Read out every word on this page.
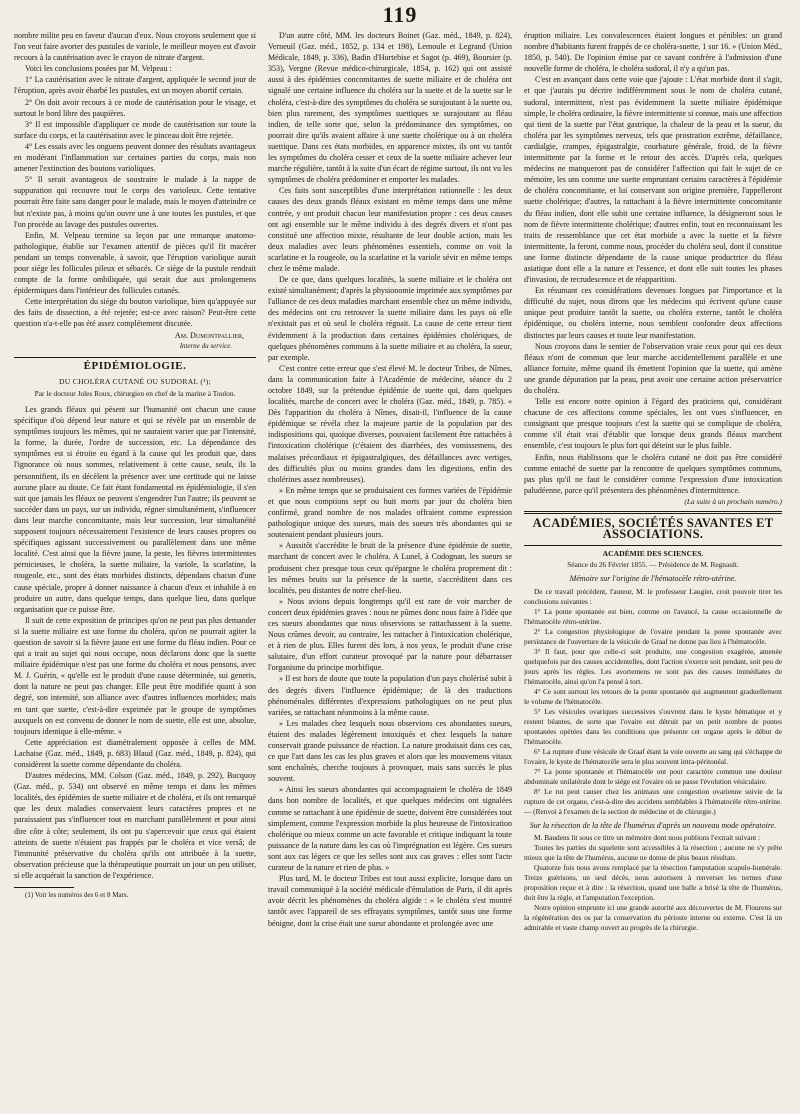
119

nombre milite peu en faveur d'aucun d'eux. Nous croyons seulement que si l'on veut faire avorter des pustules de variole, le meilleur moyen est d'avoir recours à la cautérisation avec le crayon de nitrate d'argent.

Voici les conclusions posées par M. Velpeau :

1° La cautérisation avec le nitrate d'argent, appliquée le second jour de l'éruption, après avoir ébarbé les pustules, est un moyen abortif certain.

2° On doit avoir recours à ce mode de cautérisation pour le visage, et surtout le bord libre des paupières.

3° Il est impossible d'appliquer ce mode de cautérisation sur toute la surface du corps, et la cautérisation avec le pinceau doit être rejetée.

4° Les essais avec les onguens peuvent donner des résultats avantageux en modérant l'inflammation sur certaines parties du corps, mais non amener l'extinction des boutons varioliques.

5° Il serait avantageux de soustraire le malade à la nappe de suppuration qui recouvre tout le corps des varioleux. Cette tentative pourrait être faite sans danger pour le malade, mais le moyen d'atteindre ce but n'existe pas, à moins qu'on ouvre une à une toutes les pustules, et que l'on procède au lavage des pustules ouvertes.

Enfin, M. Velpeau termine sa leçon par une remarque anatomo-pathologique, établie sur l'examen attentif de pièces qu'il fit macérer pendant un temps convenable, à savoir, que l'éruption variolique aurait pour siége les follicules pileux et sébacés. Ce siége de la pustule rendrait compte de la forme ombiliquée, qui serait due aux prolongemens épidermiques dans l'intérieur des follicules cutanés.

Cette interprétation du siége du bouton variolique, bien qu'appuyée sur des faits de dissection, a été rejetée; est-ce avec raison? Peut-être cette question n'a-t-elle pas été assez complétement discutée.

Am. Dumontpallier,

Interne du service.

ÉPIDÉMIOLOGIE.
DU CHOLÉRA CUTANÉ OU SUDORAL (¹);
Par le docteur Jules Roux, chirurgien en chef de la marine à Toulon.

Les grands fléaux qui pèsent sur l'humanité ont chacun une cause spécifique d'où dépend leur nature et qui se révèle par un ensemble de symptômes toujours les mêmes, qui ne sauraient varier que par l'intensité, la forme, la durée, l'ordre de succession, etc. La dépendance des symptômes est si étroite eu égard à la cause qui les produit que, dans l'ignorance où nous sommes, relativement à cette cause, seuls, ils la personnifient, ils en décèlent la présence avec une certitude qui ne laisse aucune place au doute. Ce fait étant fondamental en épidémiologie, il s'en suit que jamais les fléaux ne peuvent s'engendrer l'un l'autre; ils peuvent se succéder dans un pays, sur un individu, régner simultanément, s'influencer dans leur marche concomitante, mais leur succession, leur simultanéité supposent toujours nécessairement l'existence de leurs causes propres ou spécifiques agissant successivement ou parallèlement dans une même localité. C'est ainsi que la fièvre jaune, la peste, les fièvres intermittentes pernicieuses, le choléra, la suette miliaire, la variole, la scarlatine, la rougeole, etc., sont des états morbides distincts, dépendans chacun d'une cause spéciale, propre à donner naissance à chacun d'eux et inhabile à en produire un autre, dans quelque temps, dans quelque lieu, dans quelque organisation que ce puisse être.

Il suit de cette exposition de principes qu'on ne peut pas plus demander si la suette miliaire est une forme du choléra, qu'on ne pourrait agiter la question de savoir si la fièvre jaune est une forme du fléau indien. Pour ce qui a trait au sujet qui nous occupe, nous déclarons donc que la suette miliaire épidémique n'est pas une forme du choléra et nous pensons, avec M. J. Guérin, « qu'elle est le produit d'une cause déterminée, sui generis, dont la nature ne peut pas changer. Elle peut être modifiée quant à son degré, son intensité, son alliance avec d'autres influences morbides; mais en tant que suette, c'est-à-dire exprimée par le groupe de symptômes auxquels on est convenu de donner le nom de suette, elle est une, absolue, toujours identique à elle-même. »

Cette appréciation est diamétralement opposée à celles de MM. Lachaise (Gaz. méd., 1849, p. 683) Blaud (Gaz. méd., 1849, p. 824), qui considèrent la suette comme dépendante du choléra.

D'autres médecins, MM. Colson (Gaz. méd., 1849, p. 292), Bucquoy (Gaz. méd., p. 534) ont observé en même temps et dans les mêmes localités, des épidémies de suette miliaire et de choléra, et ils ont remarqué que les deux maladies conservaient leurs caractères propres et ne paraissaient pas s'influencer tout en marchant parallèlement et pour ainsi dire côte à côte; seulement, ils ont pu s'apercevoir que ceux qui étaient atteints de suette n'étaient pas frappés par le choléra et vice versâ; de l'immunité préservative du choléra qu'ils ont attribuée à la suette, observation précieuse que la thérapeutique pourrait un jour un peu utiliser, si elle acquérait la sanction de l'expérience.

(1) Voir les numéros des 6 et 8 Mars.

D'un autre côté, MM. les docteurs Boinet (Gaz. méd., 1849, p. 824), Verneuil (Gaz. méd., 1852, p. 134 et 198), Lemoule et Legrand (Union Médicale, 1849, p. 336), Badin d'Hurtebise et Sagot (p. 469), Boursier (p. 353), Vergne (Revue médico-chirurgicale, 1854, p. 162) qui ont assisté aussi à des épidémies concomitantes de suette miliaire et de choléra ont signalé une certaine influence du choléra sur la suette et de la suette sur le choléra, c'est-à-dire des symptômes du choléra se surajoutant à la suette ou, bien plus rarement, des symptômes suettiques se surajoutant au fléau indien, de telle sorte que, selon la prédominance des symptômes, on pourrait dire qu'ils avaient affaire à une suette cholérique ou à un choléra suettique. Dans ces états morbides, en apparence mixtes, ils ont vu tantôt les symptômes du choléra cesser et ceux de la suette miliaire achever leur marche régulière, tantôt à la suite d'un écart de régime surtout, ils ont vu les symptômes de choléra prédominer et emporter les malades.

Ces faits sont susceptibles d'une interprétation rationnelle : les deux causes des deux grands fléaux existant en même temps dans une même contrée, y ont produit chacun leur manifestation propre : ces deux causes ont agi ensemble sur le même individu à des degrés divers et n'ont pas constitué une affection mixte, résultante de leur double action, mais les deux maladies avec leurs phénomènes essentiels, comme on voit la scarlatine et la rougeole, ou la scarlatine et la variole sévir en même temps chez le même malade.

De ce que, dans quelques localités, la suette miliaire et le choléra ont existé simultanément; d'après la physionomie imprimée aux symptômes par l'alliance de ces deux maladies marchant ensemble chez un même individu, des médecins ont cru retrouver la suette miliaire dans les pays où elle n'existait pas et où seul le choléra régnait. La cause de cette erreur tient évidemment à la production dans certaines épidémies cholériques, de quelques phénomènes communs à la suette miliaire et au choléra, la sueur, par exemple.

C'est contre cette erreur que s'est élevé M. le docteur Tribes, de Nîmes, dans la communication faite à l'Académie de médecine, séance du 2 octobre 1849, sur la prétendue épidémie de suette qui, dans quelques localités, marche de concert avec le choléra (Gaz. méd., 1849, p. 785). « Dès l'apparition du choléra à Nîmes, disait-il, l'influence de la cause épidémique se révéla chez la majeure partie de la population par des indispositions qui, quoique diverses, pouvaient facilement être rattachées à l'intoxication cholérique (c'étaient des diarrhées, des vomissemens, des malaises précordiaux et épigastralgiques, des défaillances avec vertiges, des difficultés plus ou moins grandes dans les digestions, enfin des cholérines assez nombreuses).

» En même temps que se produisaient ces formes variées de l'épidémie et que nous comptions sept ou huit morts par jour du choléra bien confirmé, grand nombre de nos malades offraient comme expression pathologique unique des sueurs, mais des sueurs très abondantes qui se soutenaient pendant plusieurs jours.

» Aussitôt s'accrédite le bruit de la présence d'une épidémie de suette, marchant de concert avec le choléra. A Lunel, à Codognan, les sueurs se produisent chez presque tous ceux qu'épargne le choléra proprement dit : les mêmes bruits sur la présence de la suette, s'accréditent dans ces localités, peu distantes de notre chef-lieu.

» Nous avions depuis longtemps qu'il est rare de voir marcher de concert deux épidémies graves : nous ne pûmes donc nous faire à l'idée que ces sueurs abondantes que nous observions se rattachassent à la suette. Nous crûmes devoir, au contraire, les rattacher à l'intoxication cholérique, et à rien de plus. Elles furent dès lors, à nos yeux, le produit d'une crise salutaire, d'un effort curateur provoqué par la nature pour débarrasser l'organisme du principe morbifique.

» Il est hors de doute que toute la population d'un pays cholérisé subit à des degrés divers l'influence épidémique; de là des traductions phénoménales différentes d'expressions pathologiques on ne peut plus variées, se rattachant néanmoins à la même cause.

» Les malades chez lesquels nous observions ces abondantes sueurs, étaient des malades légèrement intoxiqués et chez lesquels la nature conservait grande puissance de réaction. La nature produisait dans ces cas, ce que l'art dans les cas les plus graves et alors que les mouvemens vitaux sont enchaînés, cherche toujours à provoquer, mais sans succès le plus souvent.

» Ainsi les sueurs abondantes qui accompagnaient le choléra de 1849 dans bon nombre de localités, et que quelques médecins ont signalées comme se rattachant à une épidémie de suette, doivent être considérées tout simplement, comme l'expression morbide la plus heureuse de l'intoxication cholérique ou mieux comme un acte favorable et critique indiquant la toute puissance de la nature dans les cas où l'imprégnation est légère. Ces sueurs sont aux cas légers ce que les selles sont aux cas graves : elles sont l'acte curateur de la nature et rien de plus. »

Plus tard, M. le docteur Tribes est tout aussi explicite, lorsque dans un travail communiqué à la société médicale d'émulation de Paris, il dit après avoir décrit les phénomènes du choléra algide : « le choléra s'est montré tantôt avec l'appareil de ses effrayans symptômes, tantôt sous une forme bénigne, dont la crise était une sueur abondante et prolongée avec une

éruption miliaire. Les convalescences étaient longues et pénibles: un grand nombre d'habitants furent frappés de ce choléra-suette, 1 sur 16. » (Union Méd., 1850, p. 540). De l'opinion émise par ce savant confrère à l'admission d'une nouvelle forme de choléra, le choléra sudoral, il n'y a qu'un pas.

C'est en avançant dans cette voie que j'ajoute : L'état morbide dont il s'agit, et que j'aurais pu décrire indifféremment sous le nom de choléra cutané, sudoral, intermittent, n'est pas évidemment la suette miliaire épidémique simple, le choléra ordinaire, la fièvre intermittente si connue, mais une affection qui tient de la suette par l'état gastrique, la chaleur de la peau et la sueur, du choléra par les symptômes nerveux, tels que prostration extrême, défaillance, cardialgie, crampes, épigastralgie, courbature générale, froid, de la fièvre intermittente par la forme et le retour des accès. D'après cela, quelques médecins ne manqueront pas de considérer l'affection qui fait le sujet de ce mémoire, les uns comme une suette empruntant certains caractères à l'épidémie de choléra concomitante, et lui conservant son origine première, l'appelleront suette cholérique; d'autres, la rattachant à la fièvre intermittente concomitante du fléau indien, dont elle subit une certaine influence, la désigneront sous le nom de fièvre intermittente cholérique; d'autres enfin, tout en reconnaissant les traits de ressemblance que cet état morbide a avec la suette et la fièvre intermittente, la feront, comme nous, procéder du choléra seul, dont il constitue une forme distincte dépendante de la cause unique productrice du fléau asiatique dont elle a la nature et l'essence, et dont elle suit toutes les phases d'invasion, de recrudescence et de réapparition.

En résumant ces considérations devenues longues par l'importance et la difficulté du sujet, nous dirons que les médecins qui écrivent qu'une cause unique peut produire tantôt la suette, ou choléra externe, tantôt le choléra épidémique, ou choléra interne, nous semblent confondre deux affections distinctes par leurs causes et toute leur manifestation.

Nous croyons dans le sentier de l'observation vraie ceux pour qui ces deux fléaux n'ont de commun que leur marche accidentellement parallèle et une alliance fortuite, même quand ils émettent l'opinion que la suette, qui amène une grande dépuration par la peau, peut avoir une certaine action préservatrice du choléra.

Telle est encore notre opinion à l'égard des praticiens qui, considérant chacune de ces affections comme spéciales, les ont vues s'influencer, en consignant que presque toujours c'est la suette qui se complique de choléra, comme s'il était vrai d'établir que lorsque deux grands fléaux marchent ensemble, c'est toujours le plus fort qui déteint sur le plus faible.

Enfin, nous établissons que le choléra cutané ne doit pas être considéré comme entaché de suette par la rencontre de quelques symptômes communs, pas plus qu'il ne faut le considérer comme l'expression d'une intoxication paludéenne, parce qu'il présentera des phénomènes d'intermittence.

(La suite à un prochain numéro.)

ACADÉMIES, SOCIÉTÉS SAVANTES ET ASSOCIATIONS.
ACADÉMIE DES SCIENCES.
Séance du 26 Février 1855. — Présidence de M. Regnault.
Mémoire sur l'origine de l'hématocèle rétro-utérine.

De ce travail précédent, l'auteur, M. le professeur Laugier, croit pouvoir tirer les conclusions suivantes :

1° La ponte spontanée est bien, comme on l'avancé, la cause occasionnelle de l'hématocèle rétro-utérine.

2° La congestion physiologique de l'ovaire pendant la ponte spontanée avec persistance de l'ouverture de la vésicule de Graaf ne donne pas lieu à l'hématocèle.

3° Il faut, pour que celle-ci soit produite, une congestion exagérée, amenée quelquefois par des causes accidentelles, dont l'action s'exerce soit pendant, soit peu de jours après les règles. Les avortemens ne sont pas des causes immédiates de l'hématocèle, ainsi qu'on l'a pensé à tort.

4° Ce sont surtout les retours de la ponte spontanée qui augmentent graduellement le volume de l'hématocèle.

5° Les vésicules ovariques successives s'ouvrent dans le kyste hématique et y restent béantes, de sorte que l'ovaire est détruit par un petit nombre de pontes spontanées opérées dans les conditions que présente cet organe après le début de l'hématocèle.

6° La rupture d'une vésicule de Graaf étant la voie ouverte au sang qui s'échappe de l'ovaire, le kyste de l'hématocèle sera le plus souvent intra-péritonéal.

7° La ponte spontanée et l'hématocèle ont pour caractère commun une douleur abdominale unilatérale dont le siége est l'ovaire où se passe l'évolution vésiculaire.

8° Le rut peut causer chez les animaux une congestion ovarienne suivie de la rupture de cet organe, c'est-à-dire des accidens semblables à l'hématocèle rétro-utérine. — (Renvoi à l'examen de la section de médecine et de chirurgie.)

Sur la résection de la tête de l'humérus d'après un nouveau mode opératoire.

M. Baudens lit sous ce titre un mémoire dont nous publions l'extrait suivant :

Toutes les parties du squelette sont accessibles à la résection ; aucune ne s'y prête mieux que la tête de l'humérus, aucune ne donne de plus beaux résultats.

Quatorze fois nous avons remplacé par la résection l'amputation scapulo-humérale. Treize guérisons, un seul décès, nous autorisent à renverser les termes d'une proposition reçue et à dire : la résection, quand une balle a brisé la tête de l'humérus, doit être la règle, et l'amputation l'exception.

Notre opinion emprunte ici une grande autorité aux découvertes de M. Flourens sur la régénération des os par la conservation du périoste interne ou externe. C'est là un admirable et vaste champ ouvert au progrès de la chirurgie.
